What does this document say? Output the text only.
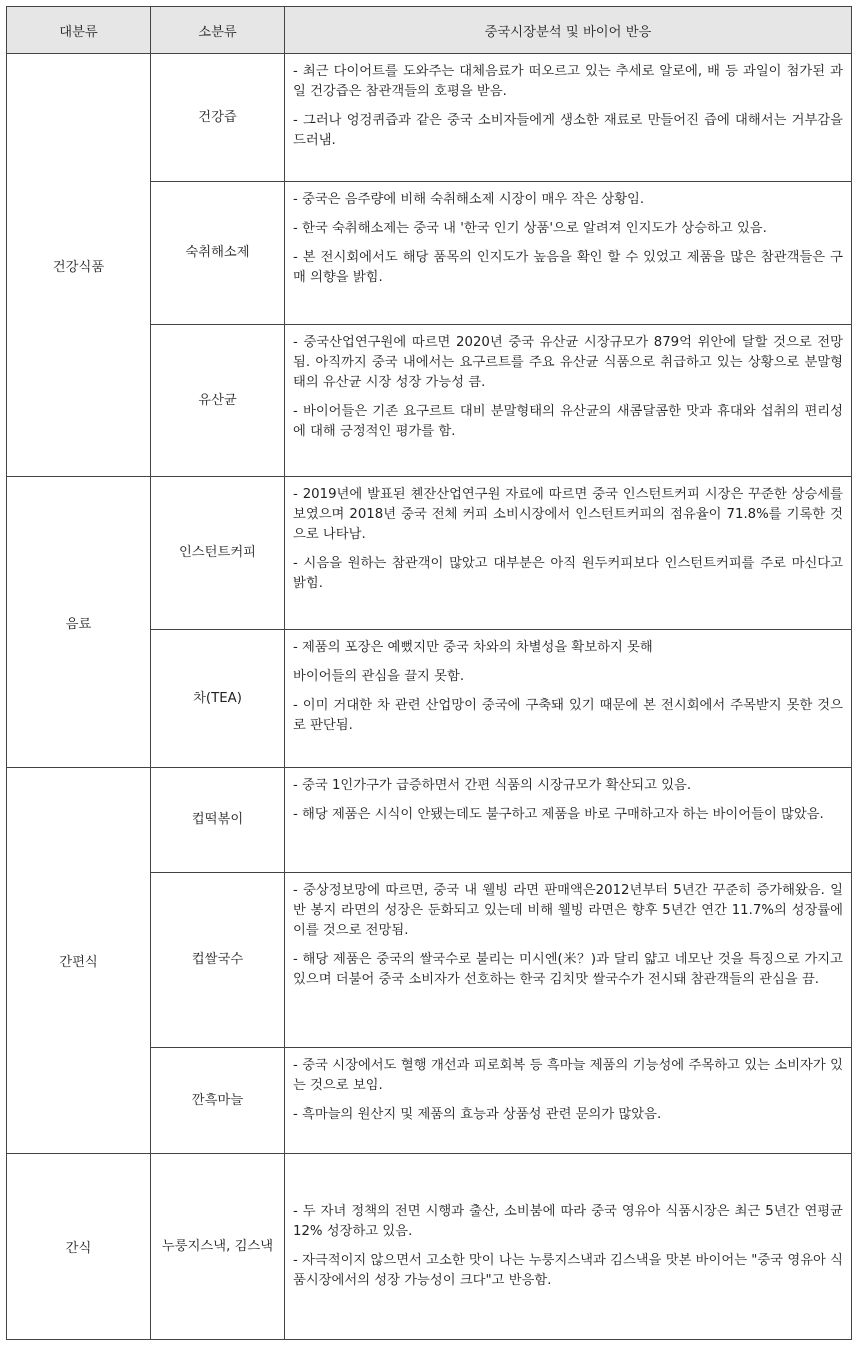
대분류	소분류	중국시장분석 및 바이어 반응
건강식품	건강즙	- 최근 다이어트를 도와주는 대체음료가 떠오르고 있는 추세로 알로에, 배 등 과일이 첨가된 과일 건강즙은 참관객들의 호평을 받음.

- 그러나 엉겅퀴즙과 같은 중국 소비자들에게 생소한 재료로 만들어진 즙에 대해서는 거부감을 드러냄.

	숙취해소제	- 중국은 음주량에 비해 숙취해소제 시장이 매우 작은 상황임.

- 한국 숙취해소제는 중국 내 '한국 인기 상품'으로 알려져 인지도가 상승하고 있음.

- 본 전시회에서도 해당 품목의 인지도가 높음을 확인 할 수 있었고 제품을 많은 참관객들은 구매 의향을 밝힘.

	유산균	- 중국산업연구원에 따르면 2020년 중국 유산균 시장규모가 879억 위안에 달할 것으로 전망됨. 아직까지 중국 내에서는 요구르트를 주요 유산균 식품으로 취급하고 있는 상황으로 분말형태의 유산균 시장 성장 가능성 큼.

- 바이어들은 기존 요구르트 대비 분말형태의 유산균의 새콤달콤한 맛과 휴대와 섭취의 편리성에 대해 긍정적인 평가를 함.

음료	인스턴트커피	- 2019년에 발표된 쳰잔산업연구원 자료에 따르면 중국 인스턴트커피 시장은 꾸준한 상승세를 보였으며 2018년 중국 전체 커피 소비시장에서 인스턴트커피의 점유율이 71.8%를 기록한 것으로 나타남.

- 시음을 원하는 참관객이 많았고 대부분은 아직 원두커피보다 인스턴트커피를 주로 마신다고 밝힘.

	차(TEA)	- 제품의 포장은 예뻤지만 중국 차와의 차별성을 확보하지 못해

바이어들의 관심을 끌지 못함.

- 이미 거대한 차 관련 산업망이 중국에 구축돼 있기 때문에 본 전시회에서 주목받지 못한 것으로 판단됨.

간편식	컵떡볶이	- 중국 1인가구가 급증하면서 간편 식품의 시장규모가 확산되고 있음.

- 해당 제품은 시식이 안됐는데도 불구하고 제품을 바로 구매하고자 하는 바이어들이 많았음.

	컵쌀국수	- 중상정보망에 따르면, 중국 내 웰빙 라면 판매액은2012년부터 5년간 꾸준히 증가해왔음. 일반 봉지 라면의 성장은 둔화되고 있는데 비해 웰빙 라면은 향후 5년간 연간 11.7%의 성장률에 이를 것으로 전망됨.

- 해당 제품은 중국의 쌀국수로 불리는 미시엔(米？)과 달리 얇고 네모난 것을 특징으로 가지고 있으며 더불어 중국 소비자가 선호하는 한국 김치맛 쌀국수가 전시돼 참관객들의 관심을 끔.

	깐흑마늘	- 중국 시장에서도 혈행 개선과 피로회복 등 흑마늘 제품의 기능성에 주목하고 있는 소비자가 있는 것으로 보임.

- 흑마늘의 원산지 및 제품의 효능과 상품성 관련 문의가 많았음.

간식	누룽지스낵, 김스낵	- 두 자녀 정책의 전면 시행과 출산, 소비붐에 따라 중국 영유아 식품시장은 최근 5년간 연평균 12% 성장하고 있음.

- 자극적이지 않으면서 고소한 맛이 나는 누룽지스낵과 김스낵을 맛본 바이어는 "중국 영유아 식품시장에서의 성장 가능성이 크다"고 반응함.
